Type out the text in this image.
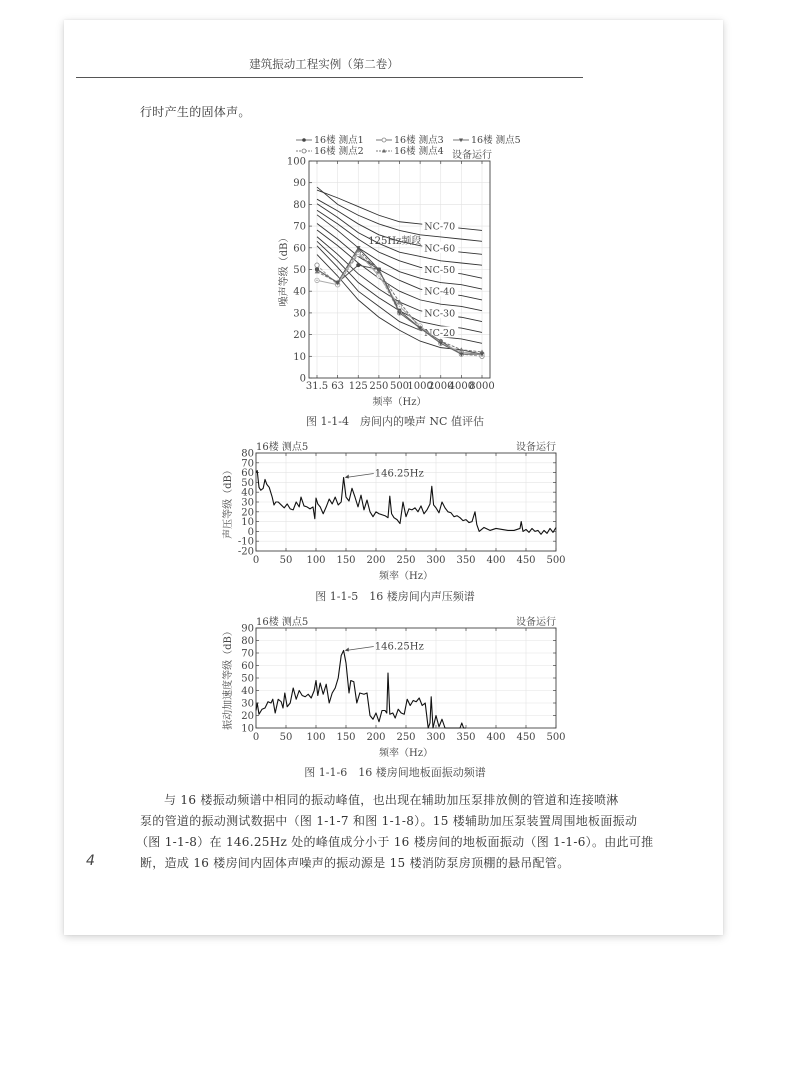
建筑振动工程实例（第二卷）
行时产生的固体声。
0
10
20
30
40
50
60
70
80
90
100
31.5 63 125 250 500
1000
2000
4000
8000
频率（Hz）
噪声等级（dB）
NC-70
NC-60
NC-50
NC-40
NC-30
NC-20
125Hz频段
16楼 测点1
16楼 测点2
16楼 测点3
16楼 测点4
16楼 测点5
设备运行
图 1-1-4　房间内的噪声 NC 值评估
-20
-10
0
10
20
30
40
50
60
70
80
0 50 100 150 200 250 300 350 400 450 500
频率（Hz）
声压等级（dB）
16楼 测点5	设备运行
146.25Hz
图 1-1-5　16 楼房间内声压频谱
10
20
30
40
50
60
70
80
90
0 50 100 150 200 250 300 350 400 450 500
频率（Hz）
振动加速度等级（dB）
16楼 测点5	设备运行
146.25Hz
图 1-1-6　16 楼房间地板面振动频谱
与 16 楼振动频谱中相同的振动峰值，也出现在辅助加压泵排放侧的管道和连接喷淋
泵的管道的振动测试数据中（图 1-1-7 和图 1-1-8）。15 楼辅助加压泵装置周围地板面振动
（图 1-1-8）在 146.25Hz 处的峰值成分小于 16 楼房间的地板面振动（图 1-1-6）。由此可推
断，造成 16 楼房间内固体声噪声的振动源是 15 楼消防泵房顶棚的悬吊配管。
4
